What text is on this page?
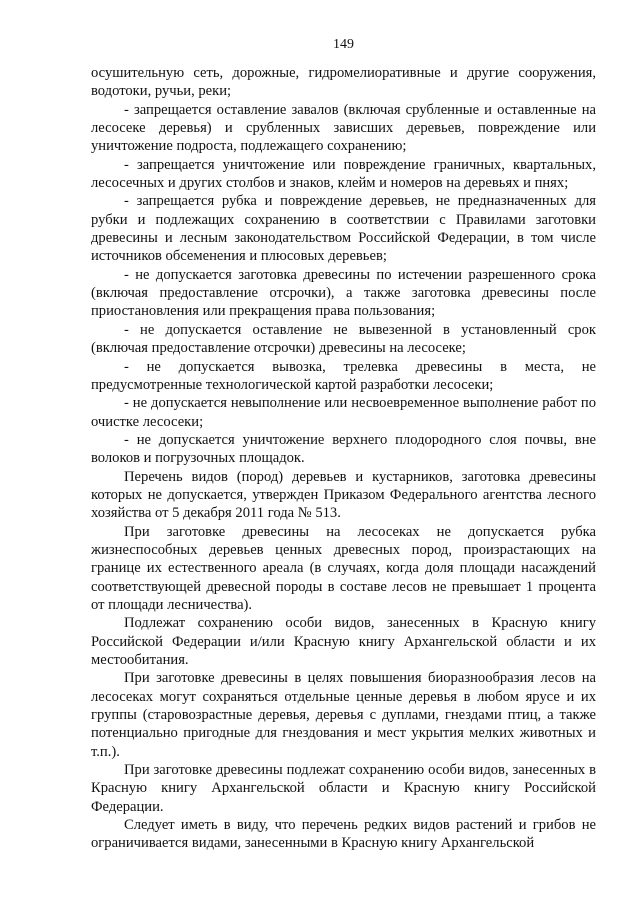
149

осушительную сеть, дорожные, гидромелиоративные и другие сооружения, водотоки, ручьи, реки;

- запрещается оставление завалов (включая срубленные и оставленные на лесосеке деревья) и срубленных зависших деревьев, повреждение или уничтожение подроста, подлежащего сохранению;

- запрещается уничтожение или повреждение граничных, квартальных, лесосечных и других столбов и знаков, клейм и номеров на деревьях и пнях;

- запрещается рубка и повреждение деревьев, не предназначенных для рубки и подлежащих сохранению в соответствии с Правилами заготовки древесины и лесным законодательством Российской Федерации, в том числе источников обсеменения и плюсовых деревьев;

- не допускается заготовка древесины по истечении разрешенного срока (включая предоставление отсрочки), а также заготовка древесины после приостановления или прекращения права пользования;

- не допускается оставление не вывезенной в установленный срок (включая предоставление отсрочки) древесины на лесосеке;

- не допускается вывозка, трелевка древесины в места, не предусмотренные технологической картой разработки лесосеки;

- не допускается невыполнение или несвоевременное выполнение работ по очистке лесосеки;

- не допускается уничтожение верхнего плодородного слоя почвы, вне волоков и погрузочных площадок.

Перечень видов (пород) деревьев и кустарников, заготовка древесины которых не допускается, утвержден Приказом Федерального агентства лесного хозяйства от 5 декабря 2011 года № 513.

При заготовке древесины на лесосеках не допускается рубка жизнеспособных деревьев ценных древесных пород, произрастающих на границе их естественного ареала (в случаях, когда доля площади насаждений соответствующей древесной породы в составе лесов не превышает 1 процента от площади лесничества).

Подлежат сохранению особи видов, занесенных в Красную книгу Российской Федерации и/или Красную книгу Архангельской области и их местообитания.

При заготовке древесины в целях повышения биоразнообразия лесов на лесосеках могут сохраняться отдельные ценные деревья в любом ярусе и их группы (старовозрастные деревья, деревья с дуплами, гнездами птиц, а также потенциально пригодные для гнездования и мест укрытия мелких животных и т.п.).

При заготовке древесины подлежат сохранению особи видов, занесенных в Красную книгу Архангельской области и Красную книгу Российской Федерации.

Следует иметь в виду, что перечень редких видов растений и грибов не ограничивается видами, занесенными в Красную книгу Архангельской
